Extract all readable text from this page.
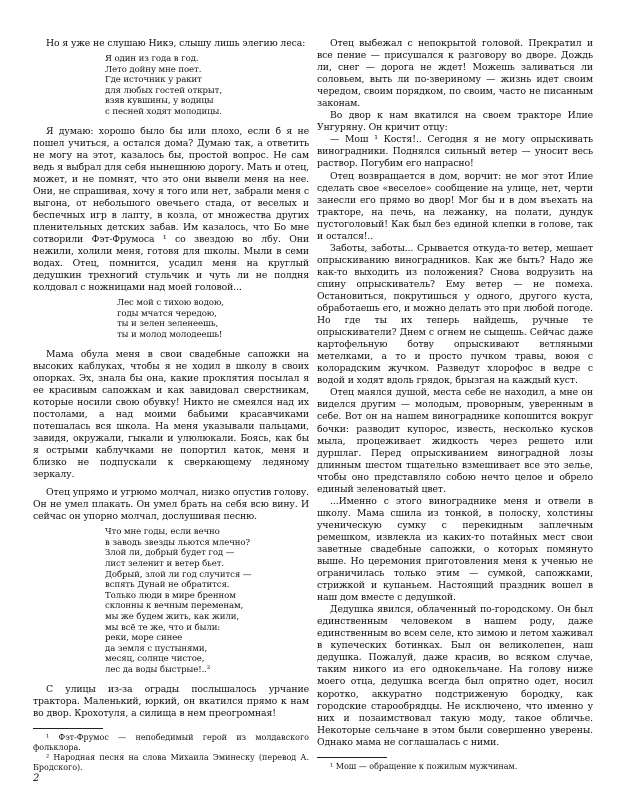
Но я уже не слушаю Никэ, слышу лишь элегию леса:

Я один из года в год.
Лето дойну мне поет.
Где источник у ракит
для любых гостей открыт,
взяв кувшины, у водицы
с песней ходят молодицы.

Я думаю: хорошо было бы или плохо, если б я не пошел учиться, а остался дома? Думаю так, а ответить не могу на этот, казалось бы, простой вопрос. Не сам ведь я выбрал для себя нынешнюю дорогу. Мать и отец, может, и не помнят, что это они вывели меня на нее. Они, не спрашивая, хочу я того или нет, забрали меня с выгона, от небольшого овечьего стада, от веселых и беспечных игр в лапту, в козла, от множества других пленительных детских забав. Им казалось, что Бо мне сотворили Фэт-Фрумоса ¹ со звездою во лбу. Они нежили, холили меня, готовя для школы. Мыли в семи водах. Отец, помнится, усадил меня на круглый дедушкин трехногий стульчик и чуть ли не полдня колдовал с ножницами над моей головой...

Лес мой с тихою водою,
годы мчатся чередою,
ты и зелен зеленеешь,
ты и молод молодеешь!

Мама обула меня в свои свадебные сапожки на высоких каблуках, чтобы я не ходил в школу в своих опорках. Эх, знала бы она, какие проклятия посылал я ее красивым сапожкам и как завидовал сверстникам, которые носили свою обувку! Никто не смеялся над их постолами, а над моими бабьими красавчиками потешалась вся школа. На меня указывали пальцами, завидя, окружали, гыкали и улюлюкали. Боясь, как бы я острыми каблучками не попортил каток, меня и близко не подпускали к сверкающему ледяному зеркалу.

Отец упрямо и угрюмо молчал, низко опустив голову. Он не умел плакать. Он умел брать на себя всю вину. И сейчас он упорно молчал, дослушивая песню.

Что мне годы, если вечно
в заводь звезды льются млечно?
Злой ли, добрый будет год —
лист зеленит и ветер бьет.
Добрый, злой ли год случится —
вспять Дунай не обратится.
Только люди в мире бренном
склонны к вечным переменам,
мы же будем жить, как жили,
мы всё те же, что и были:
реки, море синее
да земля с пустынями,
месяц, солнце чистое,
лес да воды быстрые!..²

С улицы из-за ограды послышалось урчание трактора. Маленький, юркий, он вкатился прямо к нам во двор. Крохотуля, а силища в нем преогромная!

¹ Фэт-Фрумос — непобедимый герой из молдавского фольклора.

² Народная песня на слова Михаила Эминеску (перевод А. Бродского).

Отец выбежал с непокрытой головой. Прекратил и все пение — присушался к разговору во дворе. Дождь ли, снег — дорога не ждет! Можешь заливаться ли соловьем, выть ли по-звериному — жизнь идет своим чередом, своим порядком, по своим, часто не писанным законам.

Во двор к нам вкатился на своем тракторе Илие Унгуряну. Он кричит отцу:

— Мош ¹ Костя!.. Сегодня я не могу опрыскивать виноградники. Поднялся сильный ветер — уносит весь раствор. Погубим его напрасно!

Отец возвращается в дом, ворчит: не мог этот Илие сделать свое «веселое» сообщение на улице, нет, черти занесли его прямо во двор! Мог бы и в дом въехать на тракторе, на печь, на лежанку, на полати, дундук пустоголовый! Как был без единой клепки в голове, так и остался!..

Заботы, заботы... Срывается откуда-то ветер, мешает опрыскиванию виноградников. Как же быть? Надо же как-то выходить из положения? Снова водрузить на спину опрыскиватель? Ему ветер — не помеха. Остановиться, покрутишься у одного, другого куста, обработаешь его, и можно делать это при любой погоде. Но где ты их теперь найдешь, ручные те опрыскиватели? Днем с огнем не сыщешь. Сейчас даже картофельную ботву опрыскивают ветляными метелками, а то и просто пучком травы, воюя с колорадским жучком. Разведут хлорофос в ведре с водой и ходят вдоль грядок, брызгая на каждый куст.

Отец маялся душой, места себе не находил, а мне он виделся другим — молодым, проворным, уверенным в себе. Вот он на нашем винограднике копошится вокруг бочки: разводит купорос, известь, несколько кусков мыла, процеживает жидкость через решето или дуршлаг. Перед опрыскиванием виноградной лозы длинным шестом тщательно взмешивает все это зелье, чтобы оно представляло собою нечто целое и обрело единый зеленоватый цвет.

...Именно с этого винограднике меня и отвели в школу. Мама сшила из тонкой, в полоску, холстины ученическую сумку с перекидным заплечным ремешком, извлекла из каких-то потайных мест свои заветные свадебные сапожки, о которых помянуто выше. Но церемония приготовления меня к ученью не ограничилась только этим — сумкой, сапожками, стрижкой и купаньем. Настоящий праздник вошел в наш дом вместе с дедушкой.

Дедушка явился, облаченный по-городскому. Он был единственным человеком в нашем роду, даже единственным во всем селе, кто зимою и летом хаживал в купеческих ботинках. Был он великолепен, наш дедушка. Пожалуй, даже красив, во всяком случае, таким никого из его однокельчане. На голову ниже моего отца, дедушка всегда был опрятно одет, носил коротко, аккуратно подстриженую бородку, как городские старообрядцы. Не исключено, что именно у них и позаимствовал такую моду, такое обличье. Некоторые сельчане в этом были совершенно уверены. Однако мама не соглашалась с ними.

¹ Мош — обращение к пожилым мужчинам.

2
